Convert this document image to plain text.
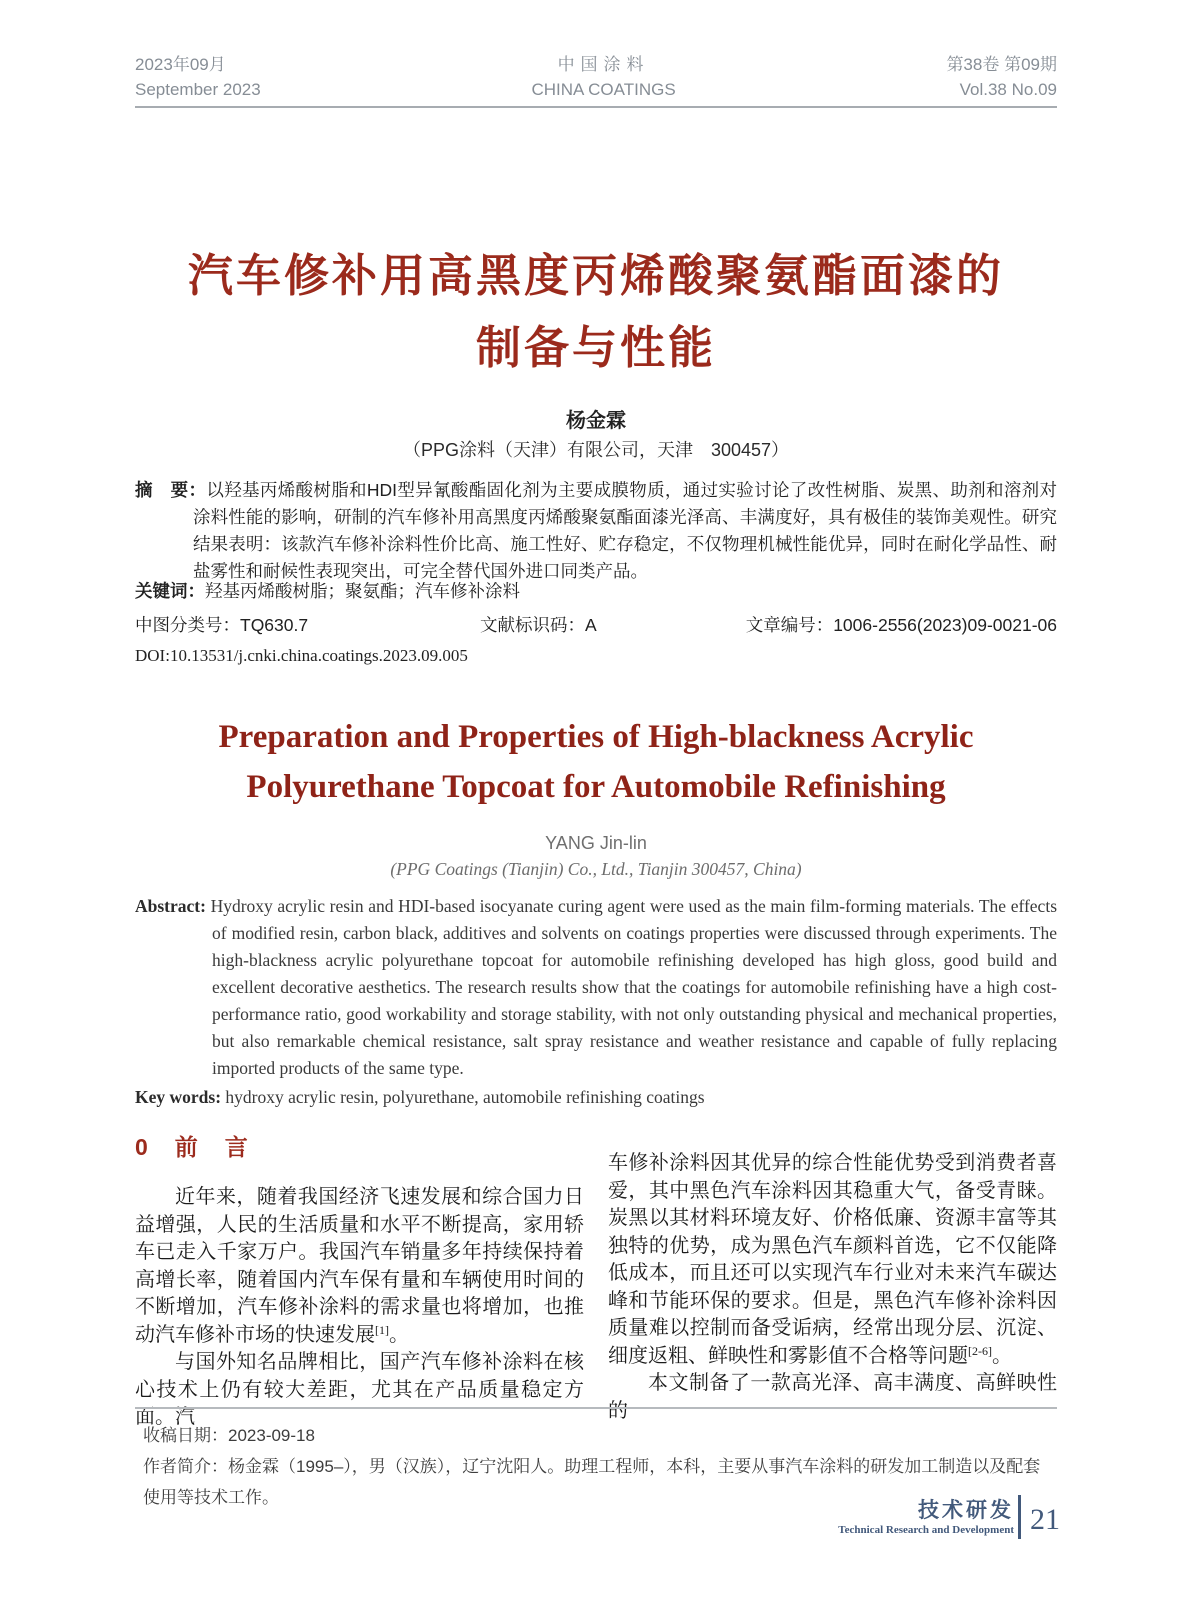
2023年09月
September 2023
中国涂料
CHINA COATINGS
第38卷 第09期
Vol.38 No.09
汽车修补用高黑度丙烯酸聚氨酯面漆的
制备与性能
杨金霖
（PPG涂料（天津）有限公司，天津　300457）
摘　要：以羟基丙烯酸树脂和HDI型异氰酸酯固化剂为主要成膜物质，通过实验讨论了改性树脂、炭黑、助剂和溶剂对涂料性能的影响，研制的汽车修补用高黑度丙烯酸聚氨酯面漆光泽高、丰满度好，具有极佳的装饰美观性。研究结果表明：该款汽车修补涂料性价比高、施工性好、贮存稳定，不仅物理机械性能优异，同时在耐化学品性、耐盐雾性和耐候性表现突出，可完全替代国外进口同类产品。
关键词：羟基丙烯酸树脂；聚氨酯；汽车修补涂料
中图分类号：TQ630.7	文献标识码：A	文章编号：1006-2556(2023)09-0021-06
DOI:10.13531/j.cnki.china.coatings.2023.09.005
Preparation and Properties of High-blackness Acrylic
Polyurethane Topcoat for Automobile Refinishing
YANG Jin-lin
(PPG Coatings (Tianjin) Co., Ltd., Tianjin 300457, China)
Abstract: Hydroxy acrylic resin and HDI-based isocyanate curing agent were used as the main film-forming materials. The effects of modified resin, carbon black, additives and solvents on coatings properties were discussed through experiments. The high-blackness acrylic polyurethane topcoat for automobile refinishing developed has high gloss, good build and excellent decorative aesthetics. The research results show that the coatings for automobile refinishing have a high cost-performance ratio, good workability and storage stability, with not only outstanding physical and mechanical properties, but also remarkable chemical resistance, salt spray resistance and weather resistance and capable of fully replacing imported products of the same type.
Key words: hydroxy acrylic resin, polyurethane, automobile refinishing coatings
0　前　言

近年来，随着我国经济飞速发展和综合国力日益增强，人民的生活质量和水平不断提高，家用轿车已走入千家万户。我国汽车销量多年持续保持着高增长率，随着国内汽车保有量和车辆使用时间的不断增加，汽车修补涂料的需求量也将增加，也推动汽车修补市场的快速发展[1]。

与国外知名品牌相比，国产汽车修补涂料在核心技术上仍有较大差距，尤其在产品质量稳定方面。汽

车修补涂料因其优异的综合性能优势受到消费者喜爱，其中黑色汽车涂料因其稳重大气，备受青睐。炭黑以其材料环境友好、价格低廉、资源丰富等其独特的优势，成为黑色汽车颜料首选，它不仅能降低成本，而且还可以实现汽车行业对未来汽车碳达峰和节能环保的要求。但是，黑色汽车修补涂料因质量难以控制而备受诟病，经常出现分层、沉淀、细度返粗、鲜映性和雾影值不合格等问题[2-6]。

本文制备了一款高光泽、高丰满度、高鲜映性的

收稿日期：2023-09-18
作者简介：杨金霖（1995–），男（汉族），辽宁沈阳人。助理工程师，本科，主要从事汽车涂料的研发加工制造以及配套使用等技术工作。
技术研发
Technical Research and Development 21
